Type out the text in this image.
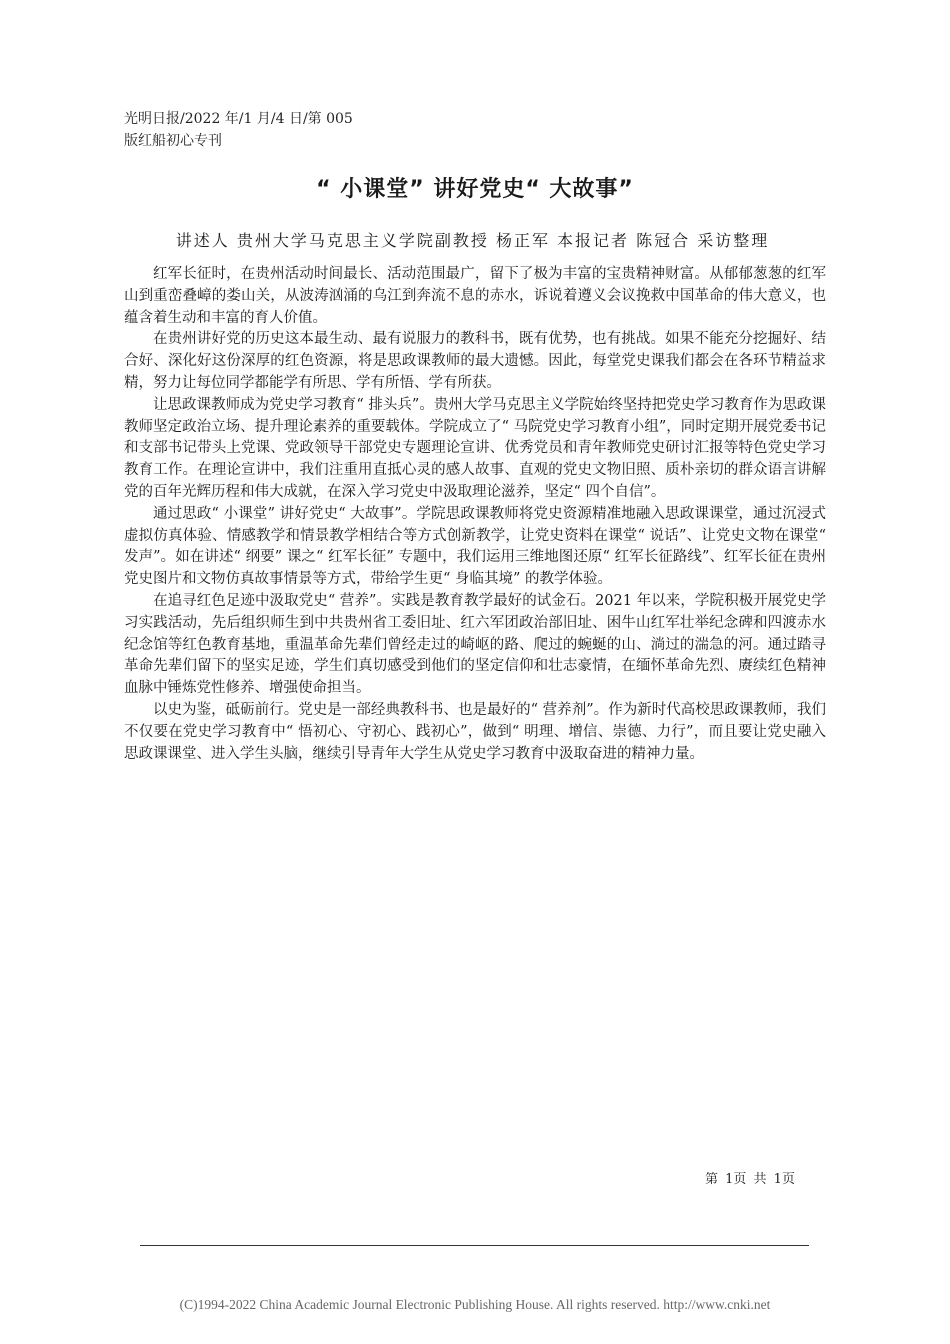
光明日报/2022 年/1 月/4 日/第 005
版红船初心专刊
“ 小课堂” 讲好党史“ 大故事”
讲述人 贵州大学马克思主义学院副教授 杨正军 本报记者 陈冠合 采访整理

红军长征时，在贵州活动时间最长、活动范围最广，留下了极为丰富的宝贵精神财富。从郁郁葱葱的红军山到重峦叠嶂的娄山关，从波涛汹涌的乌江到奔流不息的赤水，诉说着遵义会议挽救中国革命的伟大意义，也蕴含着生动和丰富的育人价值。

在贵州讲好党的历史这本最生动、最有说服力的教科书，既有优势，也有挑战。如果不能充分挖掘好、结合好、深化好这份深厚的红色资源，将是思政课教师的最大遗憾。因此，每堂党史课我们都会在各环节精益求精，努力让每位同学都能学有所思、学有所悟、学有所获。

让思政课教师成为党史学习教育“ 排头兵”。贵州大学马克思主义学院始终坚持把党史学习教育作为思政课教师坚定政治立场、提升理论素养的重要载体。学院成立了“ 马院党史学习教育小组”，同时定期开展党委书记和支部书记带头上党课、党政领导干部党史专题理论宣讲、优秀党员和青年教师党史研讨汇报等特色党史学习教育工作。在理论宣讲中，我们注重用直抵心灵的感人故事、直观的党史文物旧照、质朴亲切的群众语言讲解党的百年光辉历程和伟大成就，在深入学习党史中汲取理论滋养，坚定“ 四个自信”。

通过思政“ 小课堂” 讲好党史“ 大故事”。学院思政课教师将党史资源精准地融入思政课课堂，通过沉浸式虚拟仿真体验、情感教学和情景教学相结合等方式创新教学，让党史资料在课堂“ 说话”、让党史文物在课堂“ 发声”。如在讲述“ 纲要” 课之“ 红军长征” 专题中，我们运用三维地图还原“ 红军长征路线”、红军长征在贵州党史图片和文物仿真故事情景等方式，带给学生更“ 身临其境” 的教学体验。

在追寻红色足迹中汲取党史“ 营养”。实践是教育教学最好的试金石。2021 年以来，学院积极开展党史学习实践活动，先后组织师生到中共贵州省工委旧址、红六军团政治部旧址、困牛山红军壮举纪念碑和四渡赤水纪念馆等红色教育基地，重温革命先辈们曾经走过的崎岖的路、爬过的蜿蜒的山、淌过的湍急的河。通过踏寻革命先辈们留下的坚实足迹，学生们真切感受到他们的坚定信仰和壮志豪情，在缅怀革命先烈、赓续红色精神血脉中锤炼党性修养、增强使命担当。

以史为鉴，砥砺前行。党史是一部经典教科书、也是最好的“ 营养剂”。作为新时代高校思政课教师，我们不仅要在党史学习教育中“ 悟初心、守初心、践初心”，做到“ 明理、增信、崇德、力行”，而且要让党史融入思政课课堂、进入学生头脑，继续引导青年大学生从党史学习教育中汲取奋进的精神力量。

第 1页 共 1页
(C)1994-2022 China Academic Journal Electronic Publishing House. All rights reserved. http://www.cnki.net
